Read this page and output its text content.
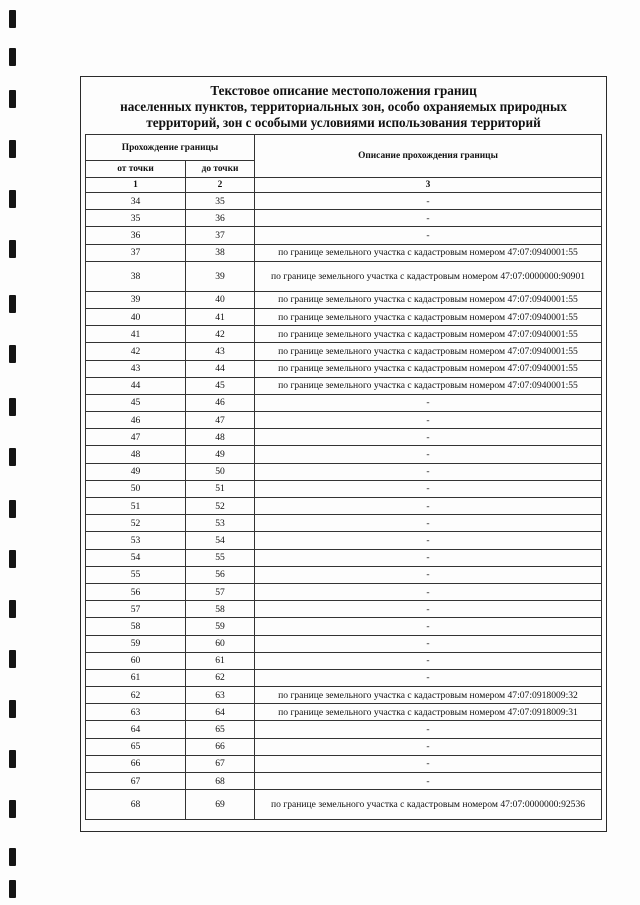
Текстовое описание местоположения границ
населенных пунктов, территориальных зон, особо охраняемых природных
территорий, зон с особыми условиями использования территорий
Прохождение границы		Описание прохождения границы
от точки	до точки	
1	2	3
34	35	-
35	36	-
36	37	-
37	38	по границе земельного участка с кадастровым номером 47:07:0940001:55
38	39	по границе земельного участка с кадастровым номером 47:07:0000000:90901
39	40	по границе земельного участка с кадастровым номером 47:07:0940001:55
40	41	по границе земельного участка с кадастровым номером 47:07:0940001:55
41	42	по границе земельного участка с кадастровым номером 47:07:0940001:55
42	43	по границе земельного участка с кадастровым номером 47:07:0940001:55
43	44	по границе земельного участка с кадастровым номером 47:07:0940001:55
44	45	по границе земельного участка с кадастровым номером 47:07:0940001:55
45	46	-
46	47	-
47	48	-
48	49	-
49	50	-
50	51	-
51	52	-
52	53	-
53	54	-
54	55	-
55	56	-
56	57	-
57	58	-
58	59	-
59	60	-
60	61	-
61	62	-
62	63	по границе земельного участка с кадастровым номером 47:07:0918009:32
63	64	по границе земельного участка с кадастровым номером 47:07:0918009:31
64	65	-
65	66	-
66	67	-
67	68	-
68	69	по границе земельного участка с кадастровым номером 47:07:0000000:92536
